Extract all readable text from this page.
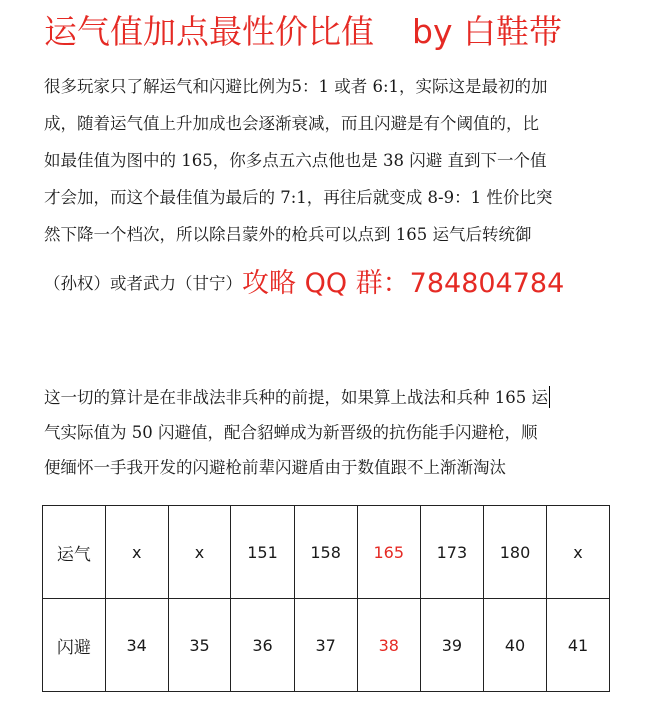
运气值加点最性价比值 by 白鞋带
很多玩家只了解运气和闪避比例为5：1 或者 6:1，实际这是最初的加
成，随着运气值上升加成也会逐渐衰减，而且闪避是有个阈值的，比
如最佳值为图中的 165，你多点五六点他也是 38 闪避 直到下一个值
才会加，而这个最佳值为最后的 7:1，再往后就变成 8-9：1 性价比突
然下降一个档次，所以除吕蒙外的枪兵可以点到 165 运气后转统御
（孙权）或者武力（甘宁）攻略 QQ 群：784804784
这一切的算计是在非战法非兵种的前提，如果算上战法和兵种 165 运
气实际值为 50 闪避值，配合貂蝉成为新晋级的抗伤能手闪避枪，顺
便缅怀一手我开发的闪避枪前辈闪避盾由于数值跟不上渐渐淘汰
运气	x	x	151	158	165	173	180	x
闪避	34	35	36	37	38	39	40	41
